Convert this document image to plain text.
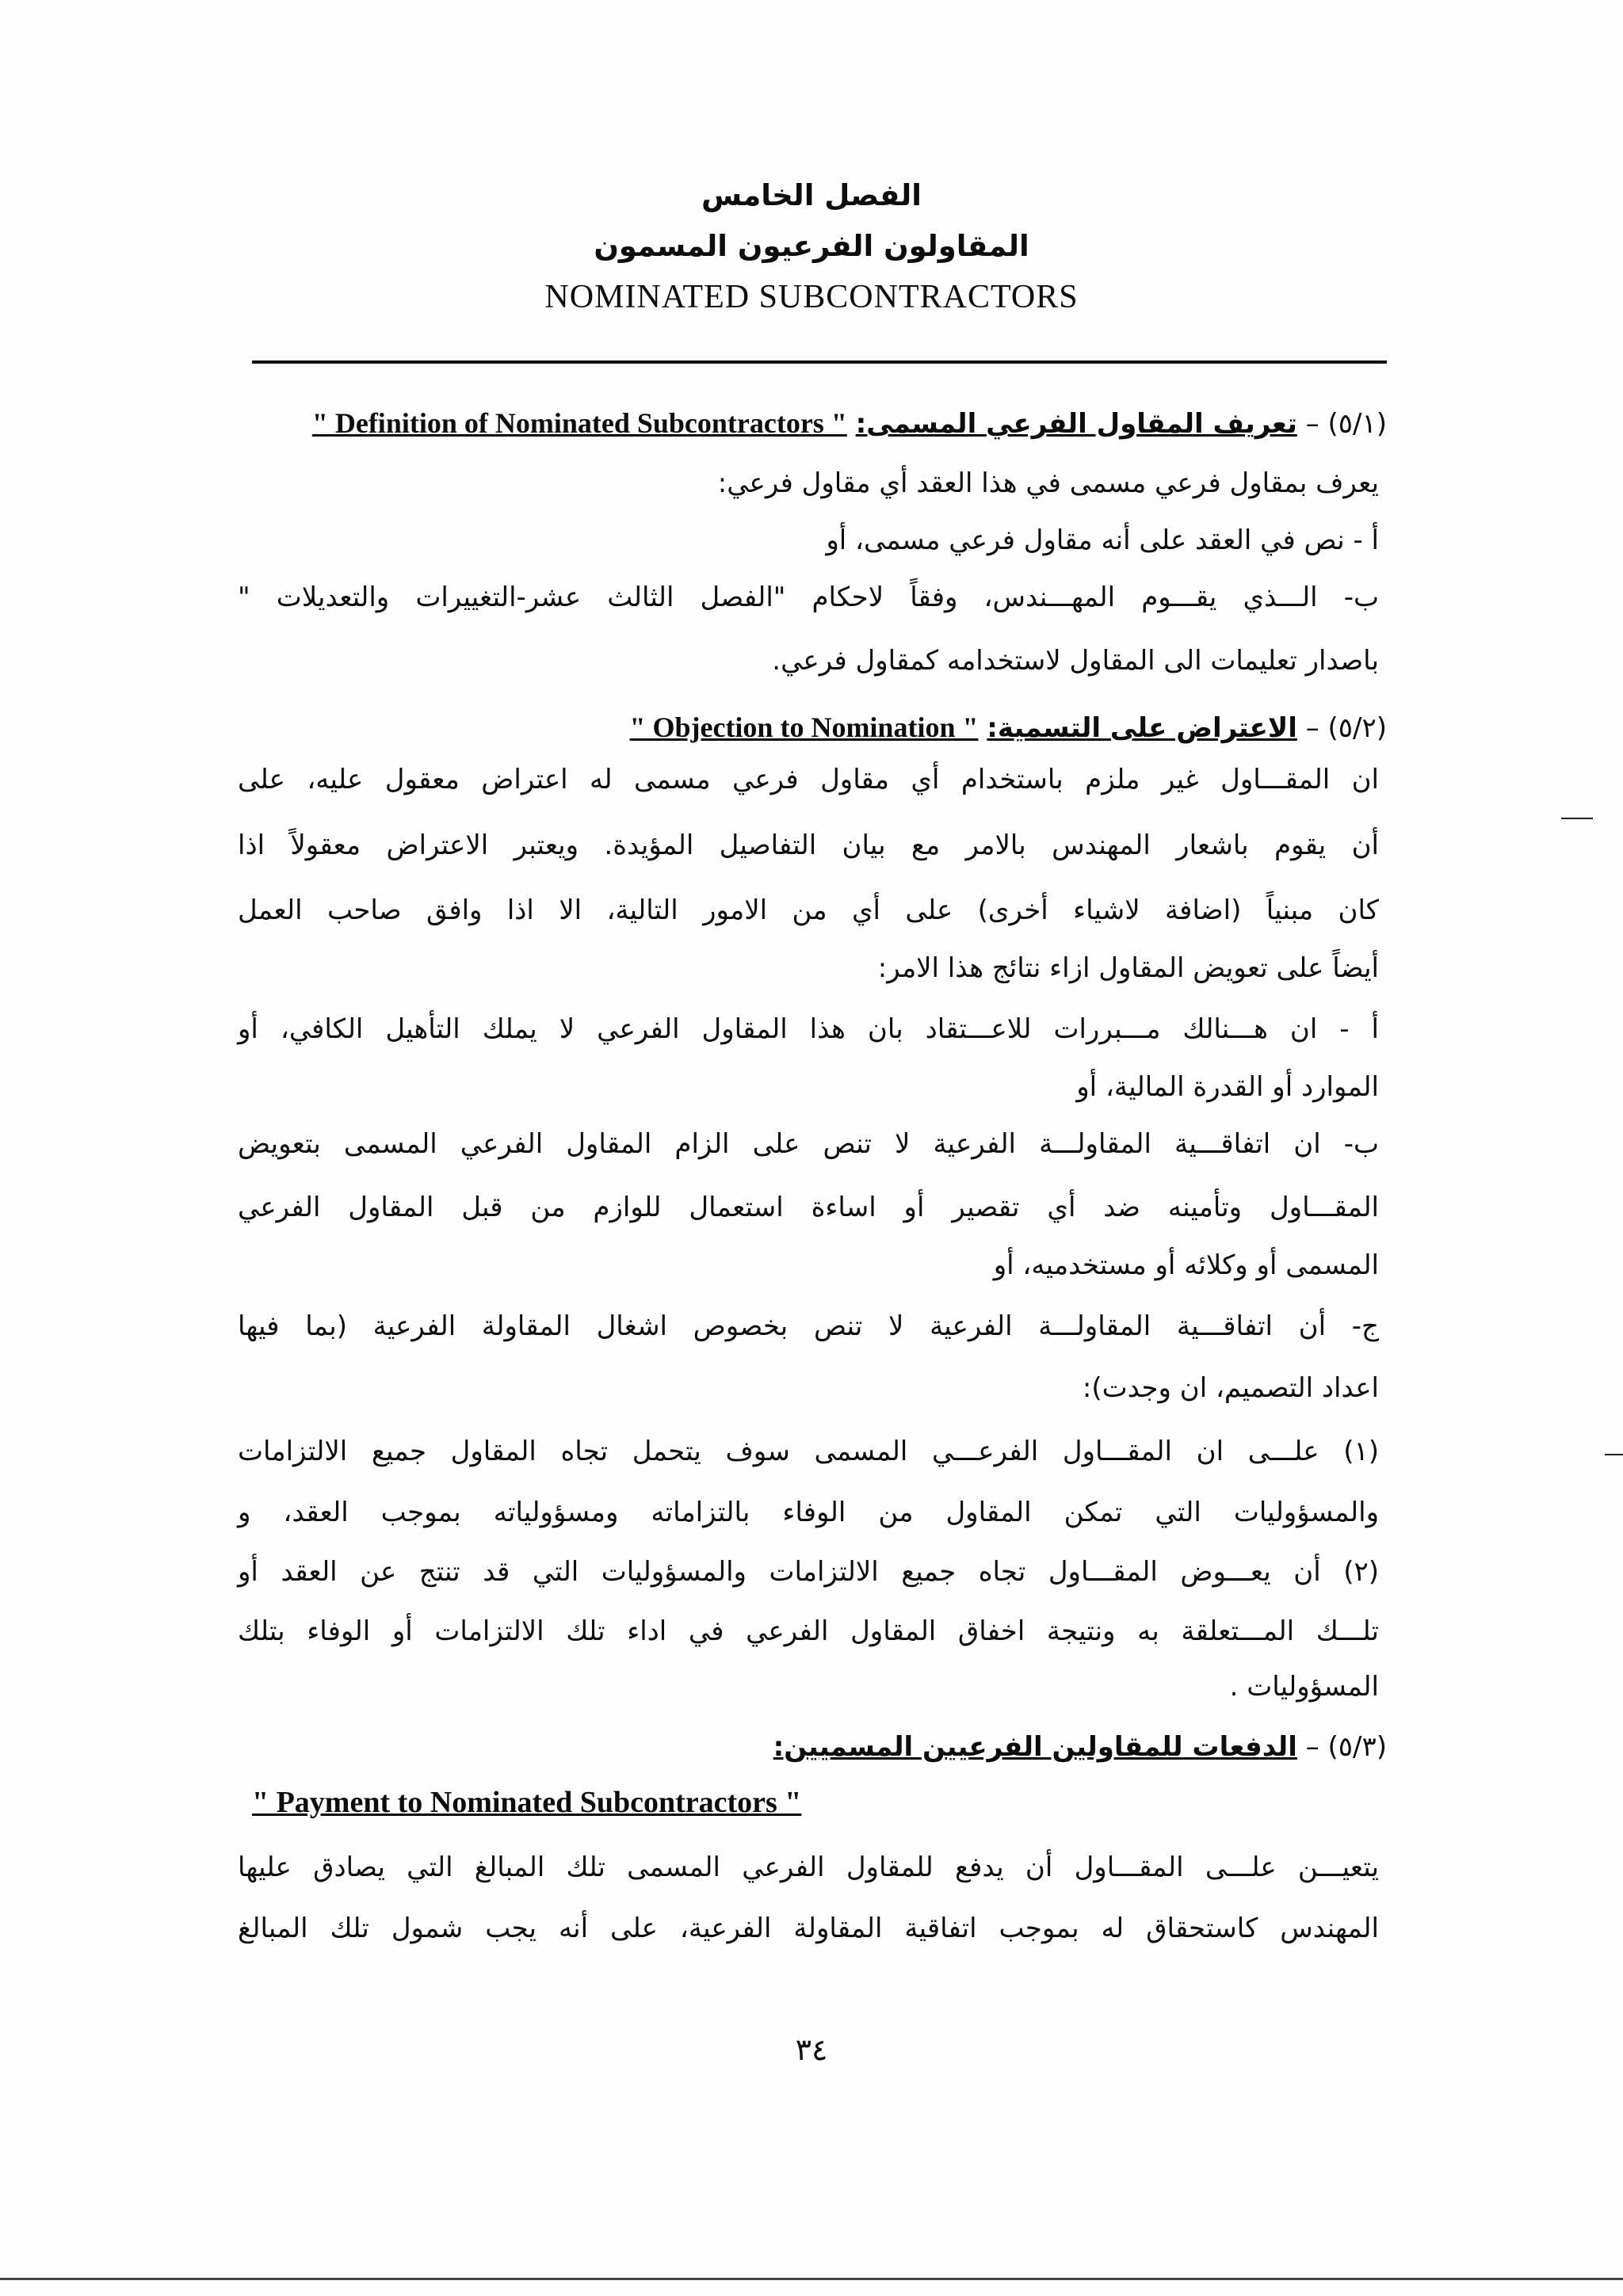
الفصل الخامس
المقاولون الفرعيون المسمون
NOMINATED SUBCONTRACTORS
(٥/١) – تعريف المقاول الفرعي المسمى: " Definition of Nominated Subcontractors "
يعرف بمقاول فرعي مسمى في هذا العقد أي مقاول فرعي:
أ - نص في العقد على أنه مقاول فرعي مسمى، أو
ب- الـــذي يقـــوم المهـــندس، وفقاً لاحكام "الفصل الثالث عشر-التغييرات والتعديلات "
باصدار تعليمات الى المقاول لاستخدامه كمقاول فرعي.
(٥/٢) – الاعتراض على التسمية: " Objection to Nomination "
ان المقـــاول غير ملزم باستخدام أي مقاول فرعي مسمى له اعتراض معقول عليه، على
أن يقوم باشعار المهندس بالامر مع بيان التفاصيل المؤيدة. ويعتبر الاعتراض معقولاً اذا
كان مبنياً (اضافة لاشياء أخرى) على أي من الامور التالية، الا اذا وافق صاحب العمل
أيضاً على تعويض المقاول ازاء نتائج هذا الامر:
أ - ان هـــنالك مـــبررات للاعـــتقاد بان هذا المقاول الفرعي لا يملك التأهيل الكافي، أو
الموارد أو القدرة المالية، أو
ب- ان اتفاقـــية المقاولـــة الفرعية لا تنص على الزام المقاول الفرعي المسمى بتعويض
المقـــاول وتأمينه ضد أي تقصير أو اساءة استعمال للوازم من قبل المقاول الفرعي
المسمى أو وكلائه أو مستخدميه، أو
ج- أن اتفاقـــية المقاولـــة الفرعية لا تنص بخصوص اشغال المقاولة الفرعية (بما فيها
اعداد التصميم، ان وجدت):
(١) علـــى ان المقـــاول الفرعـــي المسمى سوف يتحمل تجاه المقاول جميع الالتزامات
والمسؤوليات التي تمكن المقاول من الوفاء بالتزاماته ومسؤولياته بموجب العقد، و
(٢) أن يعـــوض المقـــاول تجاه جميع الالتزامات والمسؤوليات التي قد تنتج عن العقد أو
تلـــك المـــتعلقة به ونتيجة اخفاق المقاول الفرعي في اداء تلك الالتزامات أو الوفاء بتلك
المسؤوليات .
(٥/٣) – الدفعات للمقاولين الفرعيين المسميين:
" Payment to Nominated Subcontractors "
يتعيـــن علـــى المقـــاول أن يدفع للمقاول الفرعي المسمى تلك المبالغ التي يصادق عليها
المهندس كاستحقاق له بموجب اتفاقية المقاولة الفرعية، على أنه يجب شمول تلك المبالغ
٣٤
